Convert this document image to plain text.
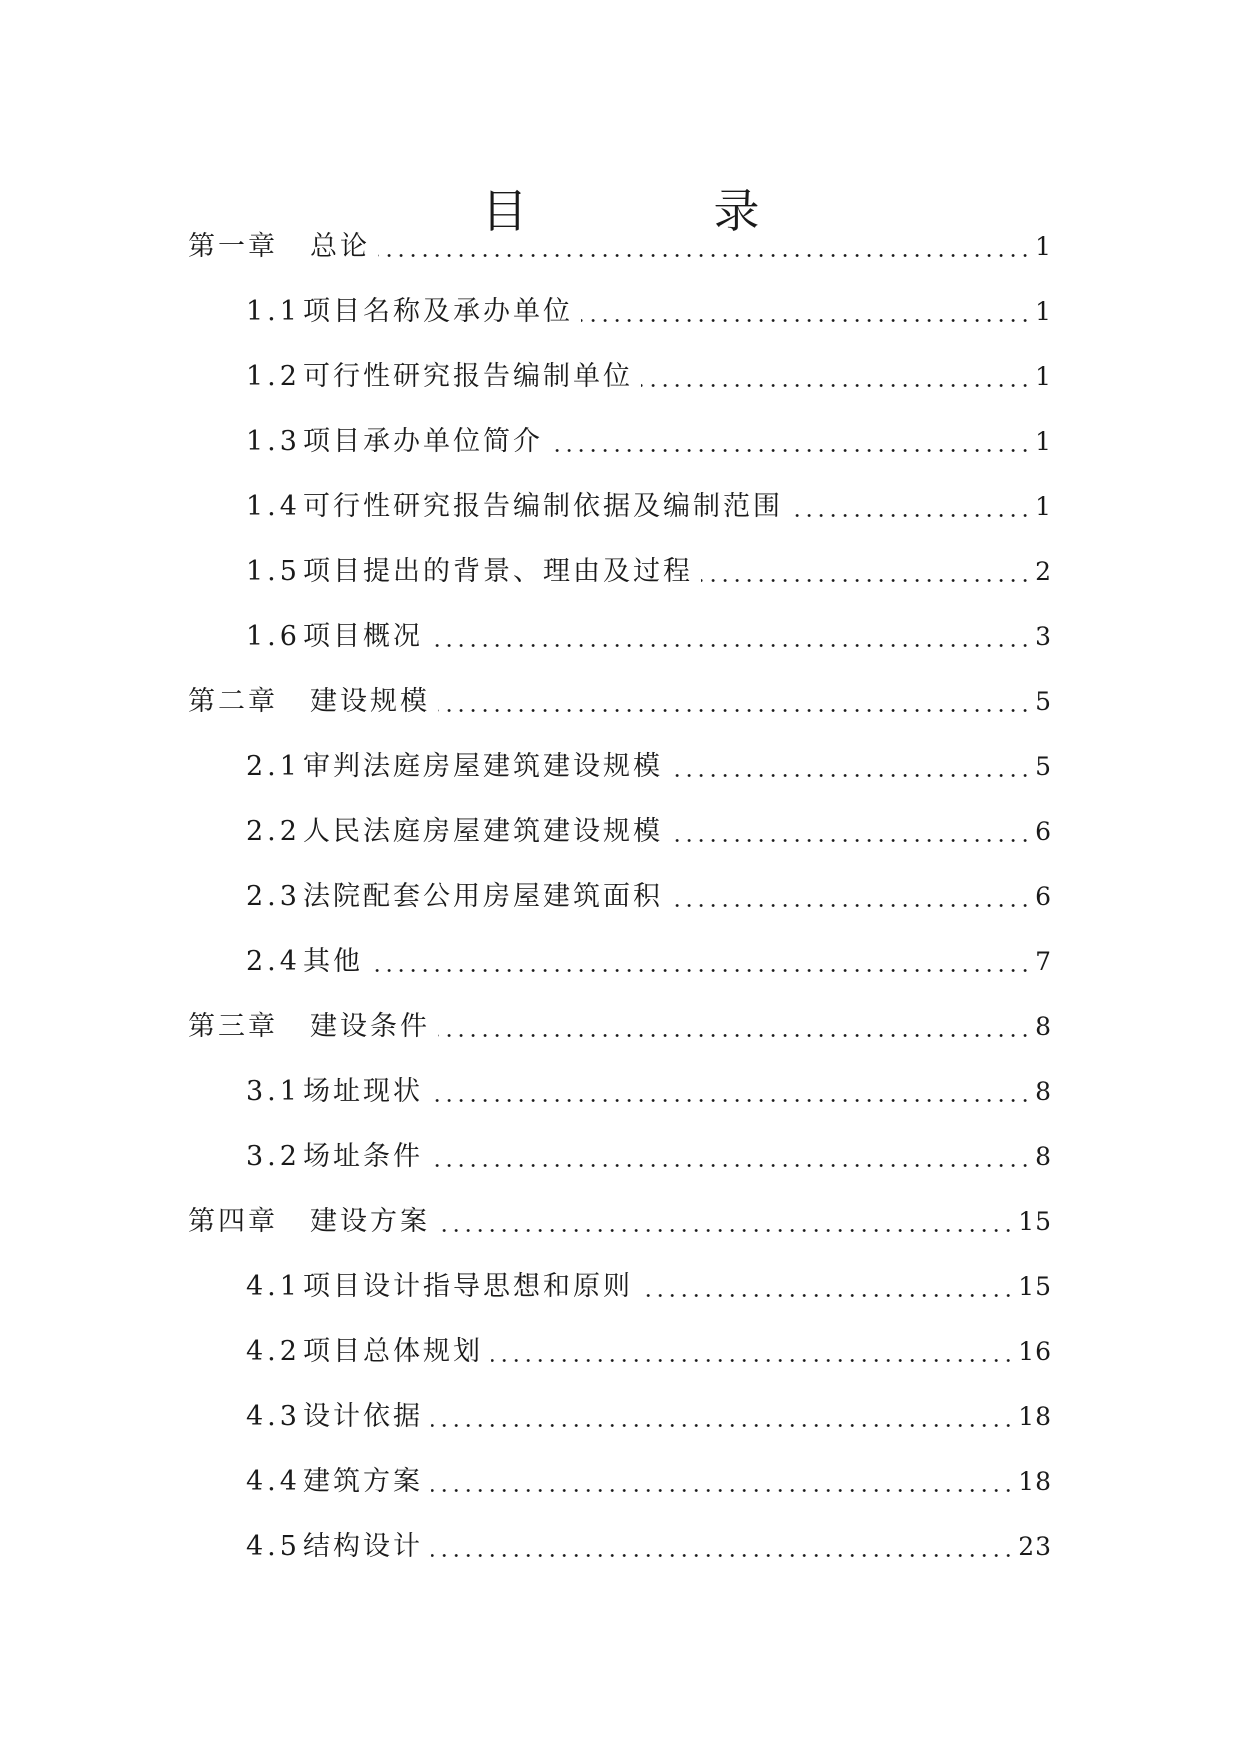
目　录
第一章 总论	1
1.1 项目名称及承办单位	1
1.2 可行性研究报告编制单位	1
1.3 项目承办单位简介	1
1.4 可行性研究报告编制依据及编制范围	1
1.5 项目提出的背景、理由及过程	2
1.6 项目概况	3
第二章 建设规模	5
2.1 审判法庭房屋建筑建设规模	5
2.2 人民法庭房屋建筑建设规模	6
2.3 法院配套公用房屋建筑面积	6
2.4 其他	7
第三章 建设条件	8
3.1 场址现状	8
3.2 场址条件	8
第四章 建设方案	15
4.1 项目设计指导思想和原则	15
4.2 项目总体规划	16
4.3 设计依据	18
4.4 建筑方案	18
4.5 结构设计	23
